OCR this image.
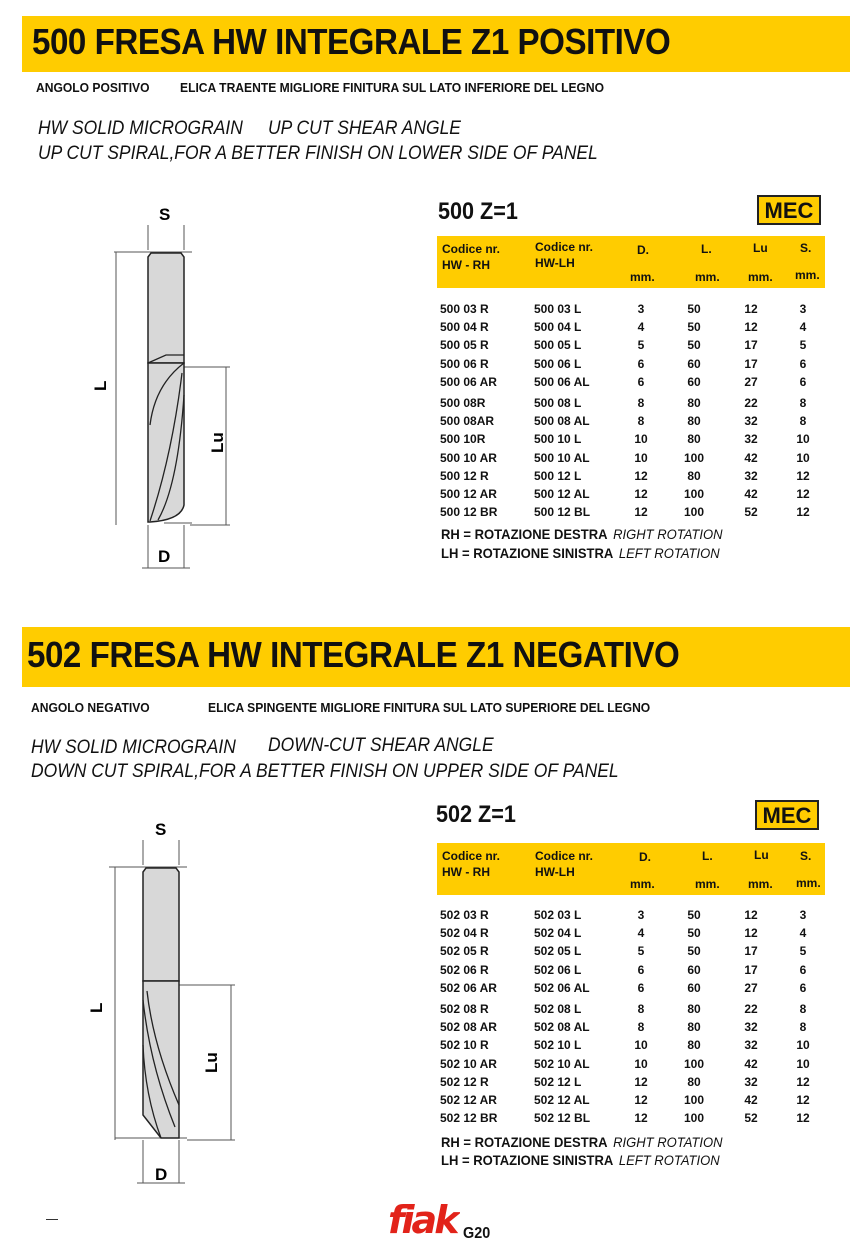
500 FRESA HW INTEGRALE Z1 POSITIVO
ANGOLO POSITIVO ELICA TRAENTE MIGLIORE FINITURA SUL LATO INFERIORE DEL LEGNO
HW SOLID MICROGRAIN UP CUT SHEAR ANGLE
UP CUT SPIRAL,FOR A BETTER FINISH ON LOWER SIDE OF PANEL
S
L
Lu
D
500 Z=1	MEC
Codice nr.
HW - RH
Codice nr.
HW-LH
D.	L.	Lu	S.
mm.	mm. mm. mm.
500 03 R	500 03 L	3	50	12	3
500 04 R	500 04 L	4	50	12	4
500 05 R	500 05 L	5	50	17	5
500 06 R	500 06 L	6	60	17	6
500 06 AR	500 06 AL	6	60	27	6
500 08R	500 08 L	8	80	22	8
500 08AR	500 08 AL	8	80	32	8
500 10R	500 10 L	10	80	32	10
500 10 AR	500 10 AL	10	100	42	10
500 12 R	500 12 L	12	80	32	12
500 12 AR	500 12 AL	12	100	42	12
500 12 BR	500 12 BL	12	100	52	12
RH = ROTAZIONE DESTRA RIGHT ROTATION
LH = ROTAZIONE SINISTRA LEFT ROTATION
502 FRESA HW INTEGRALE Z1 NEGATIVO
ANGOLO NEGATIVO	ELICA SPINGENTE MIGLIORE FINITURA SUL LATO SUPERIORE DEL LEGNO
HW SOLID MICROGRAIN DOWN-CUT SHEAR ANGLE
DOWN CUT SPIRAL,FOR A BETTER FINISH ON UPPER SIDE OF PANEL
S
L
Lu
D
502 Z=1	MEC
Codice nr.
HW - RH
Codice nr.
HW-LH
D.	L.	Lu	S.
mm.	mm. mm. mm.
502 03 R	502 03 L	3	50	12	3
502 04 R	502 04 L	4	50	12	4
502 05 R	502 05 L	5	50	17	5
502 06 R	502 06 L	6	60	17	6
502 06 AR	502 06 AL	6	60	27	6
502 08 R	502 08 L	8	80	22	8
502 08 AR	502 08 AL	8	80	32	8
502 10 R	502 10 L	10	80	32	10
502 10 AR	502 10 AL	10	100	42	10
502 12 R	502 12 L	12	80	32	12
502 12 AR	502 12 AL	12	100	42	12
502 12 BR	502 12 BL	12	100	52	12
RH = ROTAZIONE DESTRA RIGHT ROTATION
LH = ROTAZIONE SINISTRA LEFT ROTATION
fiak G20
